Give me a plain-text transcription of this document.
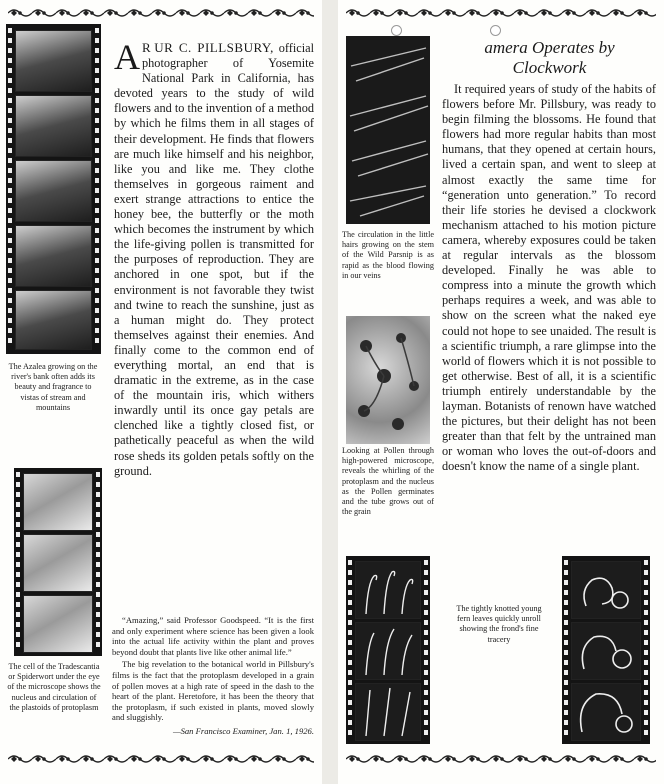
The Azalea growing on the river's bank often adds its beauty and fragrance to vistas of stream and mountains
The cell of the Tradescantia or Spiderwort under the eye of the microscope shows the nucleus and circulation of the plastoids of protoplasm
A R UR C. PILLSBURY, official photographer of Yosemite National Park in California, has devoted years to the study of wild flowers and to the invention of a method by which he films them in all stages of their development. He finds that flowers are much like himself and his neighbor, like you and like me. They clothe themselves in gorgeous raiment and exert strange attractions to entice the honey bee, the butterfly or the moth which becomes the instrument by which the life-giving pollen is transmitted for the purposes of reproduction. They are anchored in one spot, but if the environment is not favorable they twist and twine to reach the sunshine, just as a human might do. They protect themselves against their enemies. And finally come to the common end of everything mortal, an end that is dramatic in the extreme, as in the case of the mountain iris, which withers inwardly until its once gay petals are clenched like a tightly closed fist, or pathetically peaceful as when the wild rose sheds its golden petals softly on the ground.

“Amazing,” said Professor Goodspeed. “It is the first and only experiment where science has been given a look into the actual life activity within the plant and proves beyond doubt that plants live like other animal life.”

The big revelation to the botanical world in Pillsbury's films is the fact that the protoplasm developed in a grain of pollen moves at a high rate of speed in the dash to the heart of the plant. Heretofore, it has been the theory that the protoplasm, if such existed in plants, moved slowly and sluggishly.

—San Francisco Examiner, Jan. 1, 1926.
The circulation in the little hairs growing on the stem of the Wild Parsnip is as rapid as the blood flowing in our veins
Looking at Pollen through high-powered microscope, reveals the whirling of the protoplasm and the nucleus as the Pollen germinates and the tube grows out of the grain
amera Operates by
Clockwork

It required years of study of the habits of flowers before Mr. Pillsbury, was ready to begin filming the blossoms. He found that flowers had more regular habits than most humans, that they opened at certain hours, lived a certain span, and went to sleep at almost exactly the same time for “generation unto generation.” To record their life stories he devised a clockwork mechanism attached to his motion picture camera, whereby exposures could be taken at regular intervals as the blossom developed. Finally he was able to compress into a minute the growth which perhaps requires a week, and was able to show on the screen what the naked eye could not hope to see unaided. The result is a scientific triumph, a rare glimpse into the world of flowers which it is not possible to get otherwise. Best of all, it is a scientific triumph entirely understandable by the layman. Botanists of renown have watched the pictures, but their delight has not been greater than that felt by the untrained man or woman who loves the out-of-doors and doesn't know the name of a single plant.

The tightly knotted young fern leaves quickly unroll showing the frond's fine tracery
